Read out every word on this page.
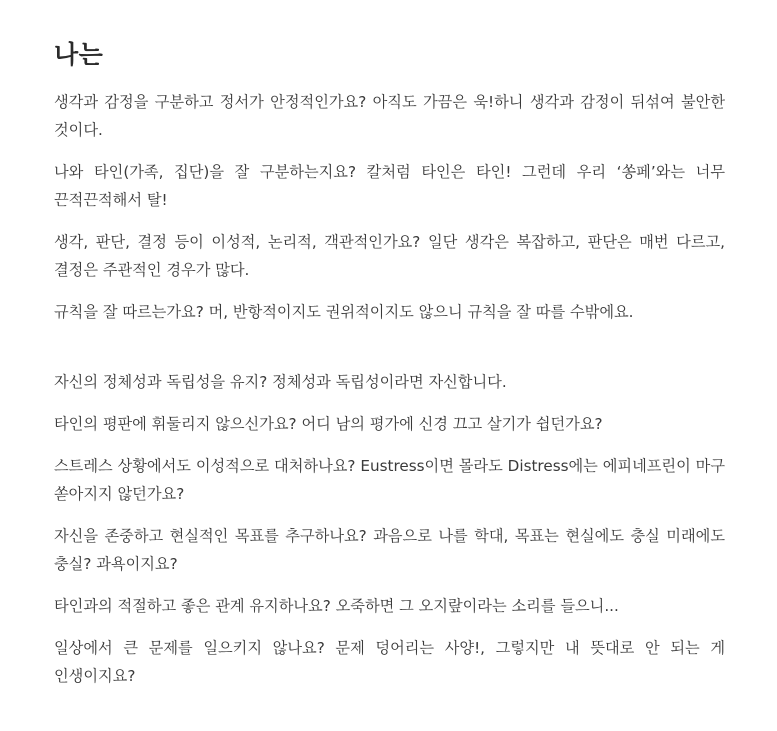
나는

생각과 감정을 구분하고 정서가 안정적인가요? 아직도 가끔은 욱!하니 생각과 감정이 뒤섞여 불안한 것이다.

나와 타인(가족, 집단)을 잘 구분하는지요? 칼처럼 타인은 타인! 그런데 우리 ‘쏭페’와는 너무 끈적끈적해서 탈!

생각, 판단, 결정 등이 이성적, 논리적, 객관적인가요? 일단 생각은 복잡하고, 판단은 매번 다르고, 결정은 주관적인 경우가 많다.

규칙을 잘 따르는가요? 머, 반항적이지도 권위적이지도 않으니 규칙을 잘 따를 수밖에요.

자신의 정체성과 독립성을 유지? 정체성과 독립성이라면 자신합니다.

타인의 평판에 휘둘리지 않으신가요? 어디 남의 평가에 신경 끄고 살기가 쉽던가요?

스트레스 상황에서도 이성적으로 대처하나요? Eustress이면 몰라도 Distress에는 에피네프린이 마구 쏟아지지 않던가요?

자신을 존중하고 현실적인 목표를 추구하나요? 과음으로 나를 학대, 목표는 현실에도 충실 미래에도 충실? 과욕이지요?

타인과의 적절하고 좋은 관계 유지하나요? 오죽하면 그 오지랖이라는 소리를 들으니...

일상에서 큰 문제를 일으키지 않나요? 문제 덩어리는 사양!, 그렇지만 내 뜻대로 안 되는 게 인생이지요?
